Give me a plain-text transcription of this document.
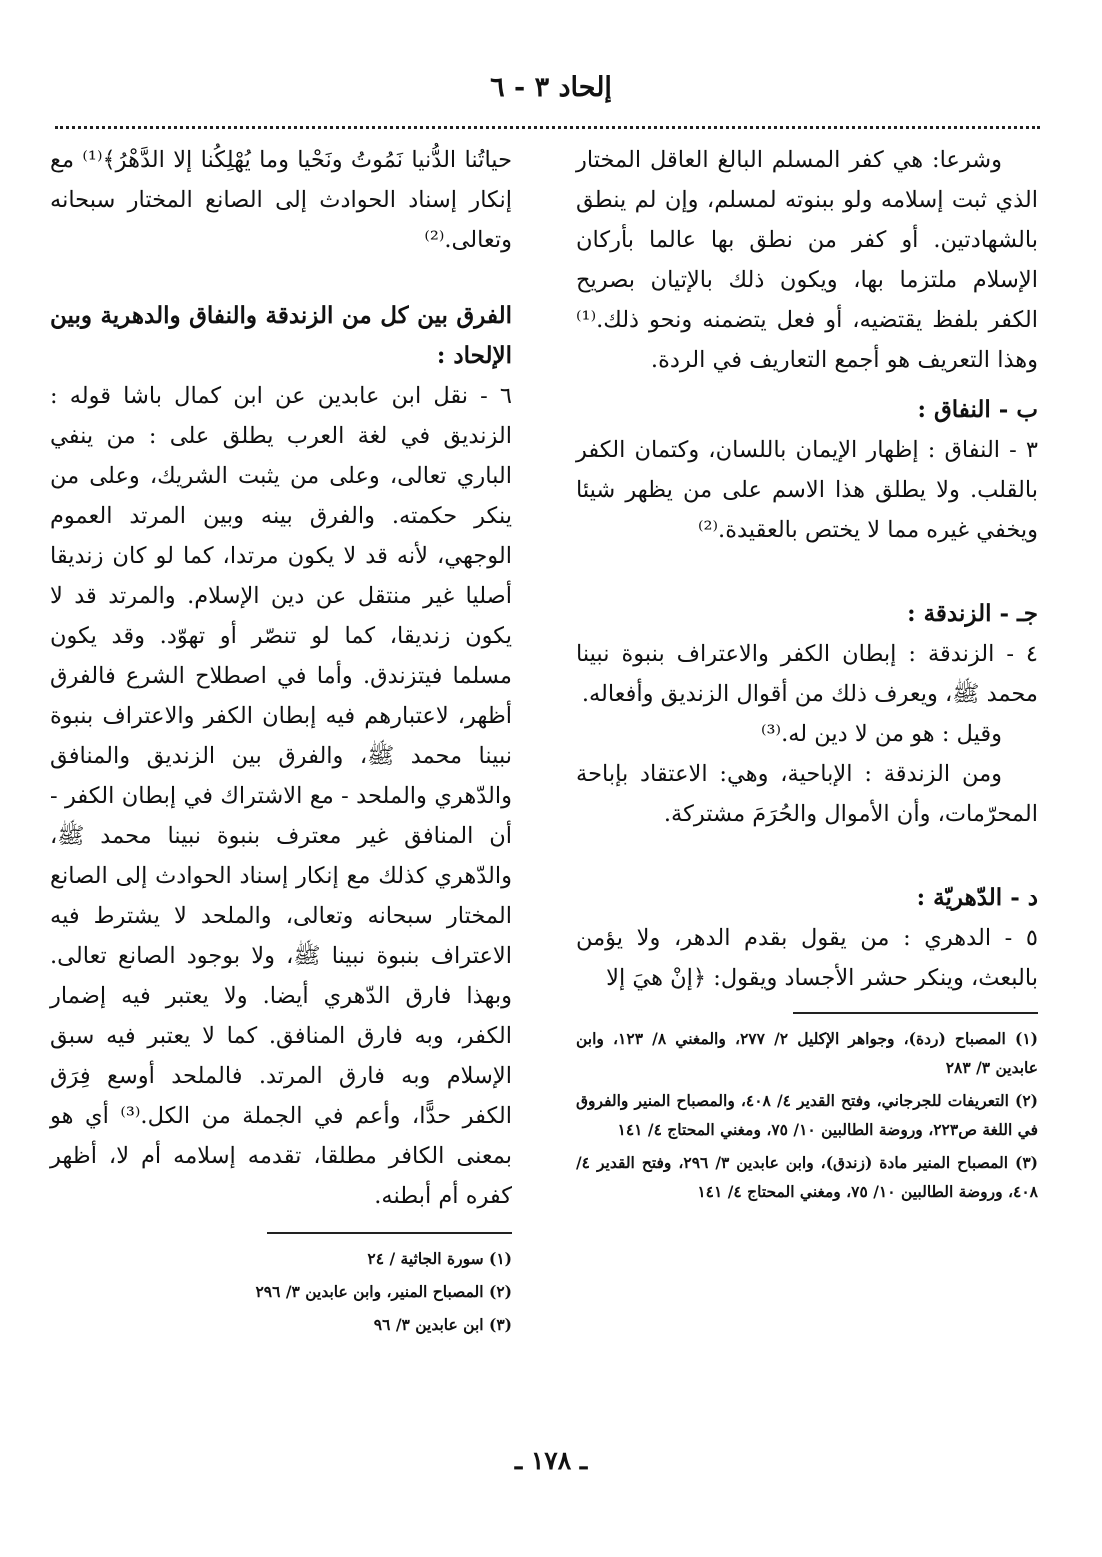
إلحاد ٣ - ٦

وشرعا: هي كفر المسلم البالغ العاقل المختار الذي ثبت إسلامه ولو ببنوته لمسلم، وإن لم ينطق بالشهادتين. أو كفر من نطق بها عالما بأركان الإسلام ملتزما بها، ويكون ذلك بالإتيان بصريح الكفر بلفظ يقتضيه، أو فعل يتضمنه ونحو ذلك.⁽¹⁾ وهذا التعريف هو أجمع التعاريف في الردة.

ب - النفاق :

٣ - النفاق : إظهار الإيمان باللسان، وكتمان الكفر بالقلب. ولا يطلق هذا الاسم على من يظهر شيئا ويخفي غيره مما لا يختص بالعقيدة.⁽²⁾

جـ - الزندقة :

٤ - الزندقة : إبطان الكفر والاعتراف بنبوة نبينا محمد ﷺ، ويعرف ذلك من أقوال الزنديق وأفعاله.

وقيل : هو من لا دين له.⁽³⁾

ومن الزندقة : الإباحية، وهي: الاعتقاد بإباحة المحرّمات، وأن الأموال والحُرَمَ مشتركة.

د - الدّهريّة :

٥ - الدهري : من يقول بقدم الدهر، ولا يؤمن بالبعث، وينكر حشر الأجساد ويقول: ﴿إنْ هيَ إلا

(١) المصباح (ردة)، وجواهر الإكليل ٢/ ٢٧٧، والمغني ٨/ ١٢٣، وابن عابدين ٣/ ٢٨٣

(٢) التعريفات للجرجاني، وفتح القدير ٤/ ٤٠٨، والمصباح المنير والفروق في اللغة ص٢٢٣، وروضة الطالبين ١٠/ ٧٥، ومغني المحتاج ٤/ ١٤١

(٣) المصباح المنير مادة (زندق)، وابن عابدين ٣/ ٢٩٦، وفتح القدير ٤/ ٤٠٨، وروضة الطالبين ١٠/ ٧٥، ومغني المحتاج ٤/ ١٤١

حياتُنا الدُّنيا نَمُوتُ ونَحْيا وما يُهْلِكُنا إلا الدَّهْرُ﴾⁽¹⁾ مع إنكار إسناد الحوادث إلى الصانع المختار سبحانه وتعالى.⁽²⁾

الفرق بين كل من الزندقة والنفاق والدهرية وبين الإلحاد :

٦ - نقل ابن عابدين عن ابن كمال باشا قوله : الزنديق في لغة العرب يطلق على : من ينفي الباري تعالى، وعلى من يثبت الشريك، وعلى من ينكر حكمته. والفرق بينه وبين المرتد العموم الوجهي، لأنه قد لا يكون مرتدا، كما لو كان زنديقا أصليا غير منتقل عن دين الإسلام. والمرتد قد لا يكون زنديقا، كما لو تنصّر أو تهوّد. وقد يكون مسلما فيتزندق. وأما في اصطلاح الشرع فالفرق أظهر، لاعتبارهم فيه إبطان الكفر والاعتراف بنبوة نبينا محمد ﷺ، والفرق بين الزنديق والمنافق والدّهري والملحد - مع الاشتراك في إبطان الكفر - أن المنافق غير معترف بنبوة نبينا محمد ﷺ، والدّهري كذلك مع إنكار إسناد الحوادث إلى الصانع المختار سبحانه وتعالى، والملحد لا يشترط فيه الاعتراف بنبوة نبينا ﷺ، ولا بوجود الصانع تعالى. وبهذا فارق الدّهري أيضا. ولا يعتبر فيه إضمار الكفر، وبه فارق المنافق. كما لا يعتبر فيه سبق الإسلام وبه فارق المرتد. فالملحد أوسع فِرَق الكفر حدًّا، وأعم في الجملة من الكل.⁽³⁾ أي هو بمعنى الكافر مطلقا، تقدمه إسلامه أم لا، أظهر كفره أم أبطنه.

(١) سورة الجاثية / ٢٤

(٢) المصباح المنير، وابن عابدين ٣/ ٢٩٦

(٣) ابن عابدين ٣/ ٩٦

ـ ١٧٨ ـ
